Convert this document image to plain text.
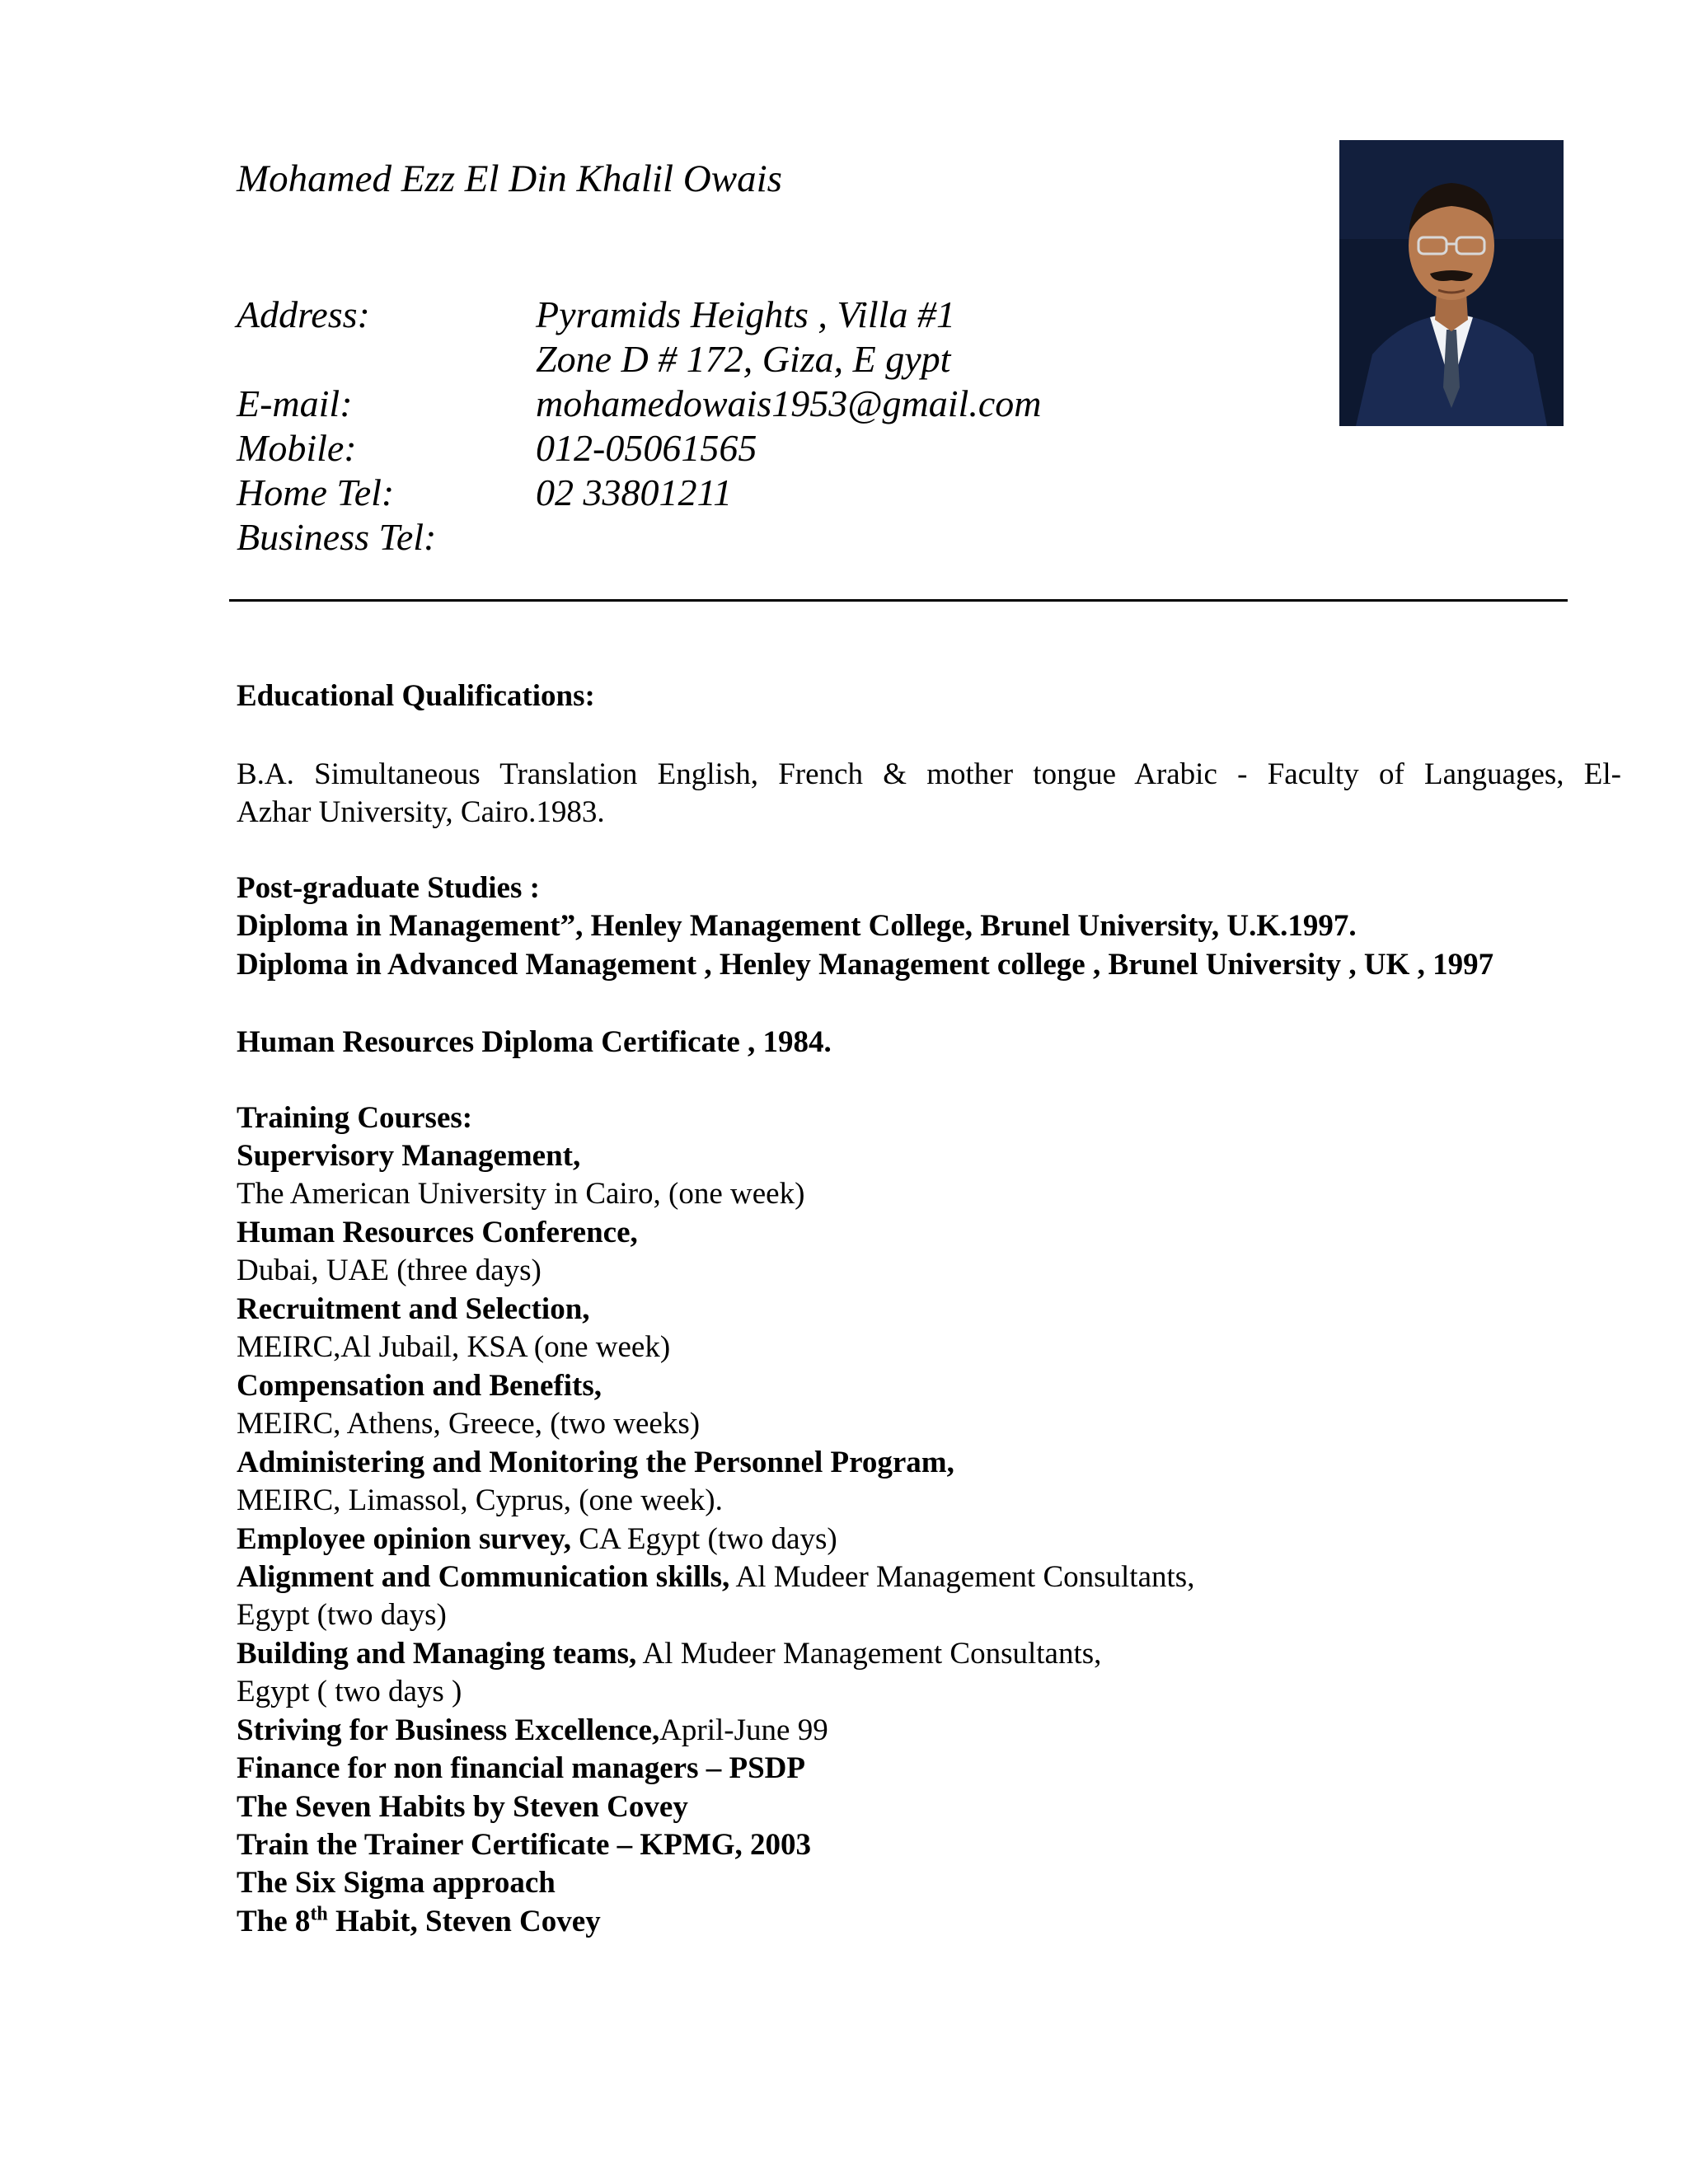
Mohamed Ezz El Din Khalil Owais
Address:	Pyramids Heights , Villa #1
Zone D # 172, Giza, E gypt
E-mail:	mohamedowais1953@gmail.com
Mobile:	012-05061565
Home Tel:	02 33801211
Business Tel:
Educational Qualifications:
B.A. Simultaneous Translation English, French & mother tongue Arabic - Faculty of Languages, El-
Azhar University, Cairo.1983.
Post-graduate Studies :
Diploma in Management”, Henley Management College, Brunel University, U.K.1997.
Diploma in Advanced Management , Henley Management college , Brunel University , UK , 1997
Human Resources Diploma Certificate , 1984.
Training Courses:
Supervisory Management,
The American University in Cairo, (one week)
Human Resources Conference,
Dubai, UAE (three days)
Recruitment and Selection,
MEIRC,Al Jubail, KSA (one week)
Compensation and Benefits,
MEIRC, Athens, Greece, (two weeks)
Administering and Monitoring the Personnel Program,
MEIRC, Limassol, Cyprus, (one week).
Employee opinion survey, CA Egypt (two days)
Alignment and Communication skills, Al Mudeer Management Consultants,
Egypt (two days)
Building and Managing teams, Al Mudeer Management Consultants,
Egypt ( two days )
Striving for Business Excellence,April-June 99
Finance for non financial managers – PSDP
The Seven Habits by Steven Covey
Train the Trainer Certificate – KPMG, 2003
The Six Sigma approach
The 8th Habit, Steven Covey
